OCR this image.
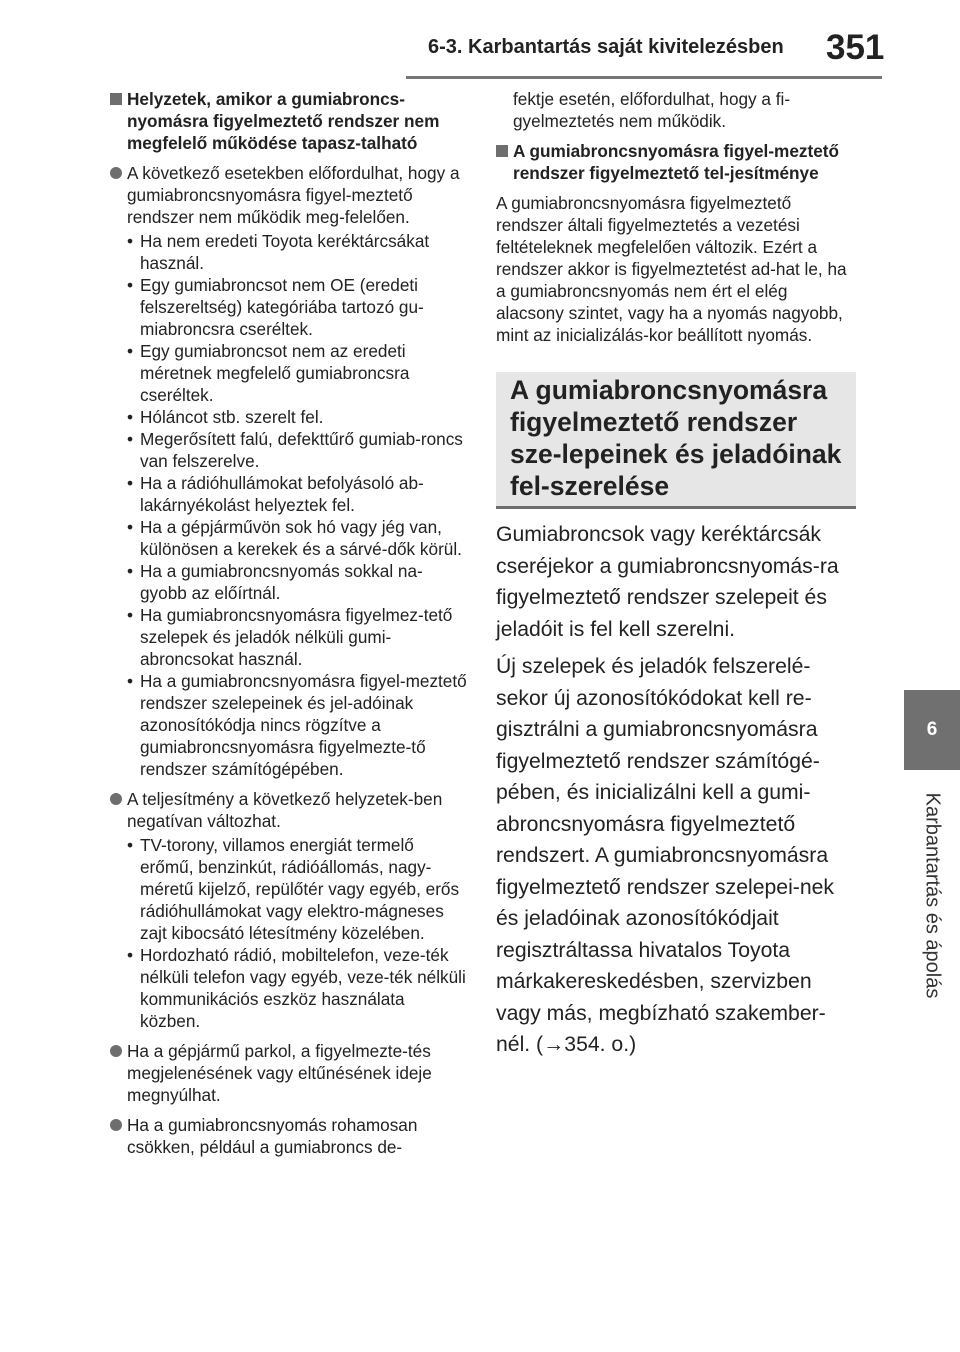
6-3. Karbantartás saját kivitelezésben 351
6
Karbantartás és ápolás
Helyzetek, amikor a gumiabroncs-nyomásra figyelmeztető rendszer nem megfelelő működése tapasz-talható
A következő esetekben előfordulhat, hogy a gumiabroncsnyomásra figyel-meztető rendszer nem működik meg-felelően.
• Ha nem eredeti Toyota keréktárcsákat használ.
• Egy gumiabroncsot nem OE (eredeti felszereltség) kategóriába tartozó gu-miabroncsra cseréltek.
• Egy gumiabroncsot nem az eredeti méretnek megfelelő gumiabroncsra cseréltek.
• Hóláncot stb. szerelt fel.
• Megerősített falú, defekttűrő gumiab-roncs van felszerelve.
• Ha a rádióhullámokat befolyásoló ab-lakárnyékolást helyeztek fel.
• Ha a gépjárművön sok hó vagy jég van, különösen a kerekek és a sárvé-dők körül.
• Ha a gumiabroncsnyomás sokkal na-gyobb az előírtnál.
• Ha gumiabroncsnyomásra figyelmez-tető szelepek és jeladók nélküli gumi-abroncsokat használ.
• Ha a gumiabroncsnyomásra figyel-meztető rendszer szelepeinek és jel-adóinak azonosítókódja nincs rögzítve a gumiabroncsnyomásra figyelmezte-tő rendszer számítógépében.
A teljesítmény a következő helyzetek-ben negatívan változhat.
• TV-torony, villamos energiát termelő erőmű, benzinkút, rádióállomás, nagy-méretű kijelző, repülőtér vagy egyéb, erős rádióhullámokat vagy elektro-mágneses zajt kibocsátó létesítmény közelében.
• Hordozható rádió, mobiltelefon, veze-ték nélküli telefon vagy egyéb, veze-ték nélküli kommunikációs eszköz használata közben.
Ha a gépjármű parkol, a figyelmezte-tés megjelenésének vagy eltűnésének ideje megnyúlhat.
Ha a gumiabroncsnyomás rohamosan csökken, például a gumiabroncs de-
fektje esetén, előfordulhat, hogy a fi-gyelmeztetés nem működik.
A gumiabroncsnyomásra figyel-meztető rendszer figyelmeztető tel-jesítménye
A gumiabroncsnyomásra figyelmeztető rendszer általi figyelmeztetés a vezetési feltételeknek megfelelően változik. Ezért a rendszer akkor is figyelmeztetést ad-hat le, ha a gumiabroncsnyomás nem ért el elég alacsony szintet, vagy ha a nyomás nagyobb, mint az inicializálás-kor beállított nyomás.
A gumiabroncsnyomásra figyelmeztető rendszer sze-lepeinek és jeladóinak fel-szerelése
Gumiabroncsok vagy keréktárcsák cseréjekor a gumiabroncsnyomás-ra figyelmeztető rendszer szelepeit és jeladóit is fel kell szerelni.
Új szelepek és jeladók felszerelé-sekor új azonosítókódokat kell re-gisztrálni a gumiabroncsnyomásra figyelmeztető rendszer számítógé-pében, és inicializálni kell a gumi-abroncsnyomásra figyelmeztető rendszert. A gumiabroncsnyomásra figyelmeztető rendszer szelepei-nek és jeladóinak azonosítókódjait regisztráltassa hivatalos Toyota márkakereskedésben, szervizben vagy más, megbízható szakember-nél. (→354. o.)
